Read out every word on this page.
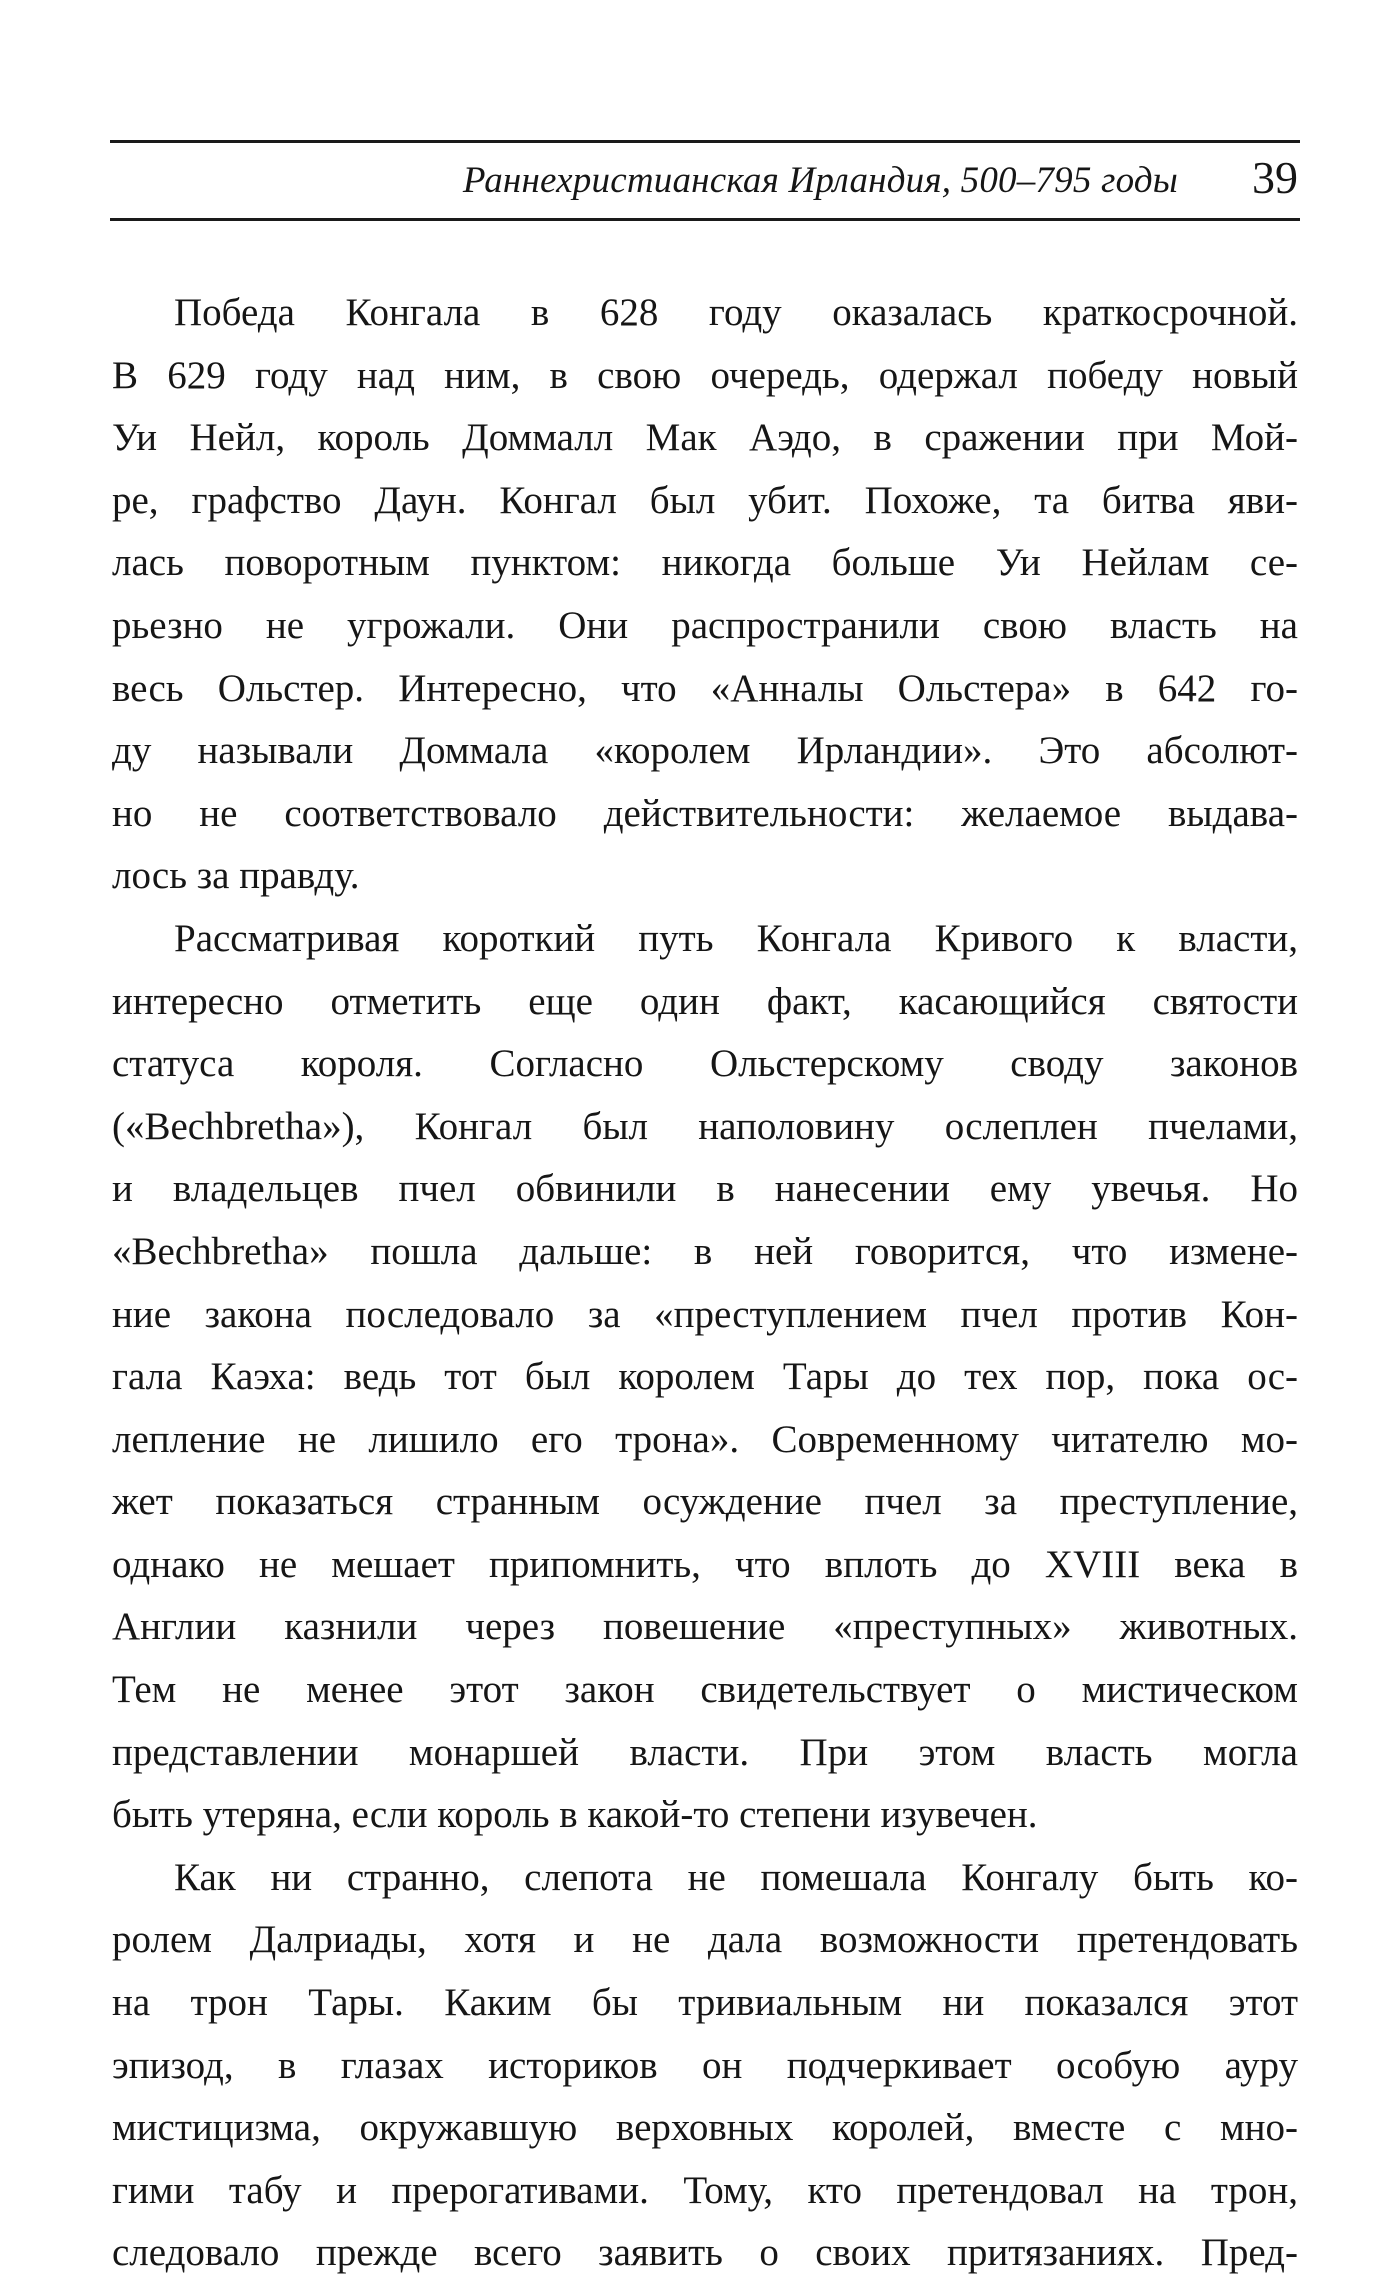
Раннехристианская Ирландия, 500–795 годы 39
Победа Конгала в 628 году оказалась краткосрочной.
В 629 году над ним, в свою очередь, одержал победу новый
Уи Нейл, король Доммалл Мак Аэдо, в сражении при Мой-
ре, графство Даун. Конгал был убит. Похоже, та битва яви-
лась поворотным пунктом: никогда больше Уи Нейлам се-
рьезно не угрожали. Они распространили свою власть на
весь Ольстер. Интересно, что «Анналы Ольстера» в 642 го-
ду называли Доммала «королем Ирландии». Это абсолют-
но не соответствовало действительности: желаемое выдава-
лось за правду.
Рассматривая короткий путь Конгала Кривого к власти,
интересно отметить еще один факт, касающийся святости
статуса короля. Согласно Ольстерскому своду законов
(«Bechbretha»), Конгал был наполовину ослеплен пчелами,
и владельцев пчел обвинили в нанесении ему увечья. Но
«Bechbretha» пошла дальше: в ней говорится, что измене-
ние закона последовало за «преступлением пчел против Кон-
гала Каэха: ведь тот был королем Тары до тех пор, пока ос-
лепление не лишило его трона». Современному читателю мо-
жет показаться странным осуждение пчел за преступление,
однако не мешает припомнить, что вплоть до XVIII века в
Англии казнили через повешение «преступных» животных.
Тем не менее этот закон свидетельствует о мистическом
представлении монаршей власти. При этом власть могла
быть утеряна, если король в какой-то степени изувечен.
Как ни странно, слепота не помешала Конгалу быть ко-
ролем Далриады, хотя и не дала возможности претендовать
на трон Тары. Каким бы тривиальным ни показался этот
эпизод, в глазах историков он подчеркивает особую ауру
мистицизма, окружавшую верховных королей, вместе с мно-
гими табу и прерогативами. Тому, кто претендовал на трон,
следовало прежде всего заявить о своих притязаниях. Пред-
